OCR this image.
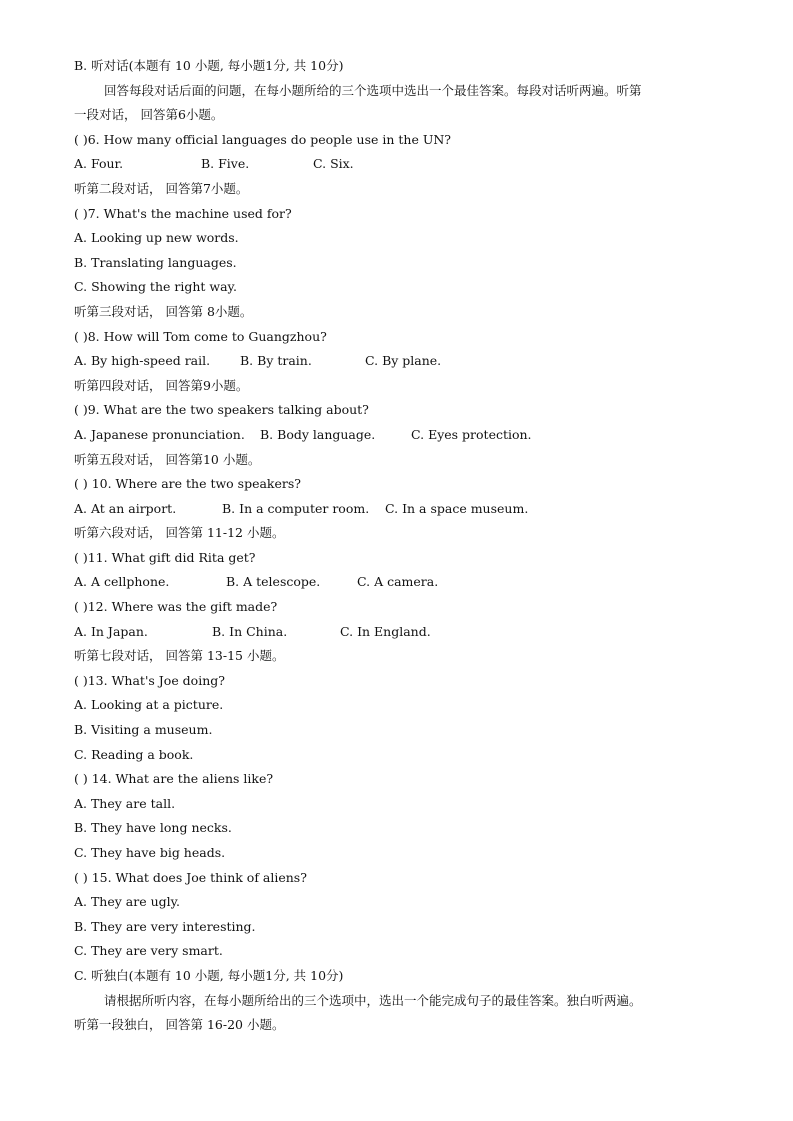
B. 听对话(本题有 10 小题, 每小题1分, 共 10分)
回答每段对话后面的问题，在每小题所给的三个选项中选出一个最佳答案。每段对话听两遍。听第
一段对话， 回答第6小题。
( )6. How many official languages do people use in the UN?
A. Four.	B. Five.	C. Six.
听第二段对话， 回答第7小题。
( )7. What's the machine used for?
A. Looking up new words.
B. Translating languages.
C. Showing the right way.
听第三段对话， 回答第 8小题。
( )8. How will Tom come to Guangzhou?
A. By high-speed rail.	B. By train.	C. By plane.
听第四段对话， 回答第9小题。
( )9. What are the two speakers talking about?
A. Japanese pronunciation.	B. Body language.	C. Eyes protection.
听第五段对话， 回答第10 小题。
( ) 10. Where are the two speakers?
A. At an airport.	B. In a computer room.	C. In a space museum.
听第六段对话， 回答第 11-12 小题。
( )11. What gift did Rita get?
A. A cellphone.	B. A telescope.	C. A camera.
( )12. Where was the gift made?
A. In Japan.	B. In China.	C. In England.
听第七段对话， 回答第 13-15 小题。
( )13. What's Joe doing?
A. Looking at a picture.
B. Visiting a museum.
C. Reading a book.
( ) 14. What are the aliens like?
A. They are tall.
B. They have long necks.
C. They have big heads.
( ) 15. What does Joe think of aliens?
A. They are ugly.
B. They are very interesting.
C. They are very smart.
C. 听独白(本题有 10 小题, 每小题1分, 共 10分)
请根据所听内容，在每小题所给出的三个选项中，选出一个能完成句子的最佳答案。独白听两遍。
听第一段独白， 回答第 16-20 小题。
